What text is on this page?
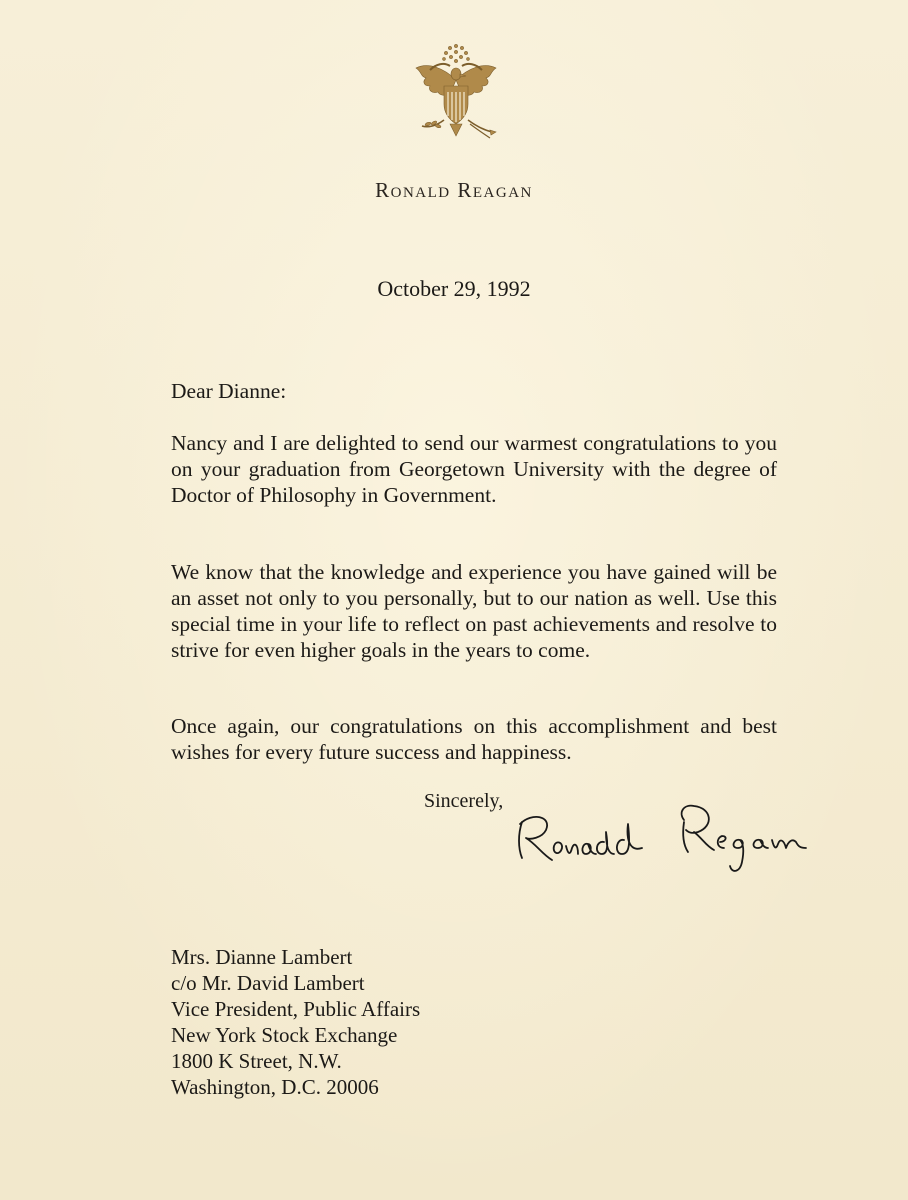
Ronald Reagan
October 29, 1992
Dear Dianne:
Nancy and I are delighted to send our warmest congratulations to you on your graduation from Georgetown University with the degree of Doctor of Philosophy in Government.
We know that the knowledge and experience you have gained will be an asset not only to you personally, but to our nation as well. Use this special time in your life to reflect on past achievements and resolve to strive for even higher goals in the years to come.
Once again, our congratulations on this accomplishment and best wishes for every future success and happiness.
Sincerely,
Mrs. Dianne Lambert
c/o Mr. David Lambert
Vice President, Public Affairs
New York Stock Exchange
1800 K Street, N.W.
Washington, D.C. 20006
